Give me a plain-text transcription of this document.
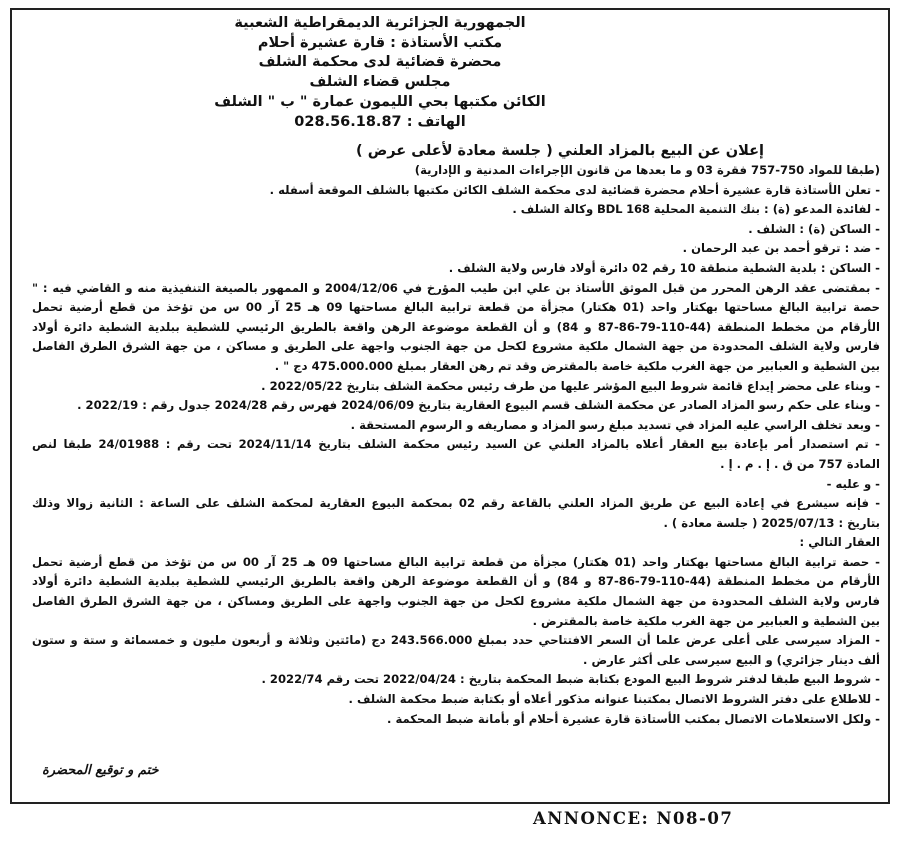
الجمهورية الجزائرية الديمقراطية الشعبية
مكتب الأستاذة : قارة عشيرة أحلام
محضرة قضائية لدى محكمة الشلف
مجلس قضاء الشلف
الكائن مكتبها بحي الليمون عمارة " ب " الشلف
الهاتف : 028.56.18.87
إعلان عن البيع بالمزاد العلني ( جلسة معادة لأعلى عرض )
(طبقا للمواد 750-757 فقرة 03 و ما بعدها من قانون الإجراءات المدنية و الإدارية)
- تعلن الأستاذة قارة عشيرة أحلام محضرة قضائية لدى محكمة الشلف الكائن مكتبها بالشلف الموقعة أسفله .
- لفائدة المدعو (ة) : بنك التنمية المحلية BDL 168 وكالة الشلف .
- الساكن (ة) : الشلف .
- ضد : ترقو أحمد بن عبد الرحمان .
- الساكن : بلدية الشطية منطقة 10 رقم 02 دائرة أولاد فارس ولاية الشلف .
- بمقتضى عقد الرهن المحرر من قبل الموثق الأستاذ بن علي ابن طيب المؤرخ في 2004/12/06 و الممهور بالصيغة التنفيذية منه و القاضي فيه : "
حصة ترابية البالغ مساحتها بهكتار واحد (01 هكتار) مجزأة من قطعة ترابية البالغ مساحتها 09 هـ 25 آر 00 س من تؤخذ من قطع أرضية تحمل
الأرقام من مخطط المنطقة (44-110-79-86-87 و 84) و أن القطعة موضوعة الرهن واقعة بالطريق الرئيسي للشطية ببلدية الشطية دائرة أولاد
فارس ولاية الشلف المحدودة من جهة الشمال ملكية مشروع لكحل من جهة الجنوب واجهة على الطريق و مساكن ، من جهة الشرق الطرق الفاصل
بين الشطية و العبابير من جهة الغرب ملكية خاصة بالمقترض وقد تم رهن العقار بمبلغ 475.000.000 دج " .
- وبناء على محضر إيداع قائمة شروط البيع المؤشر عليها من طرف رئيس محكمة الشلف بتاريخ 2022/05/22 .
- وبناء على حكم رسو المزاد الصادر عن محكمة الشلف قسم البيوع العقارية بتاريخ 2024/06/09 فهرس رقم 2024/28 جدول رقم : 2022/19 .
- وبعد تخلف الراسي عليه المزاد في تسديد مبلغ رسو المزاد و مصاريفه و الرسوم المستحقة .
- تم استصدار أمر بإعادة بيع العقار أعلاه بالمزاد العلني عن السيد رئيس محكمة الشلف بتاريخ 2024/11/14 تحت رقم : 24/01988 طبقا لنص
المادة 757 من ق . إ . م . إ .
- و عليه -
- فإنه سيشرع في إعادة البيع عن طريق المزاد العلني بالقاعة رقم 02 بمحكمة البيوع العقارية لمحكمة الشلف على الساعة : الثانية زوالا وذلك
بتاريخ : 2025/07/13 ( جلسة معادة ) .
العقار التالي :
- حصة ترابية البالغ مساحتها بهكتار واحد (01 هكتار) مجزأة من قطعة ترابية البالغ مساحتها 09 هـ 25 آر 00 س من تؤخذ من قطع أرضية تحمل
الأرقام من مخطط المنطقة (44-110-79-86-87 و 84) و أن القطعة موضوعة الرهن واقعة بالطريق الرئيسي للشطية ببلدية الشطية دائرة أولاد
فارس ولاية الشلف المحدودة من جهة الشمال ملكية مشروع لكحل من جهة الجنوب واجهة على الطريق ومساكن ، من جهة الشرق الطرق الفاصل
بين الشطية و العبابير من جهة الغرب ملكية خاصة بالمقترض .
- المزاد سيرسى على أعلى عرض علما أن السعر الافتتاحي حدد بمبلغ 243.566.000 دج (مائتين وثلاثة و أربعون مليون و خمسمائة و ستة و ستون
ألف دينار جزائري) و البيع سيرسى على أكثر عارض .
- شروط البيع طبقا لدفتر شروط البيع المودع بكتابة ضبط المحكمة بتاريخ : 2022/04/24 تحت رقم 2022/74 .
- للاطلاع على دفتر الشروط الاتصال بمكتبنا عنوانه مذكور أعلاه أو بكتابة ضبط محكمة الشلف .
- ولكل الاستعلامات الاتصال بمكتب الأستاذة قارة عشيرة أحلام أو بأمانة ضبط المحكمة .
ختم و توقيع المحضرة
ANNONCE: N08-07
